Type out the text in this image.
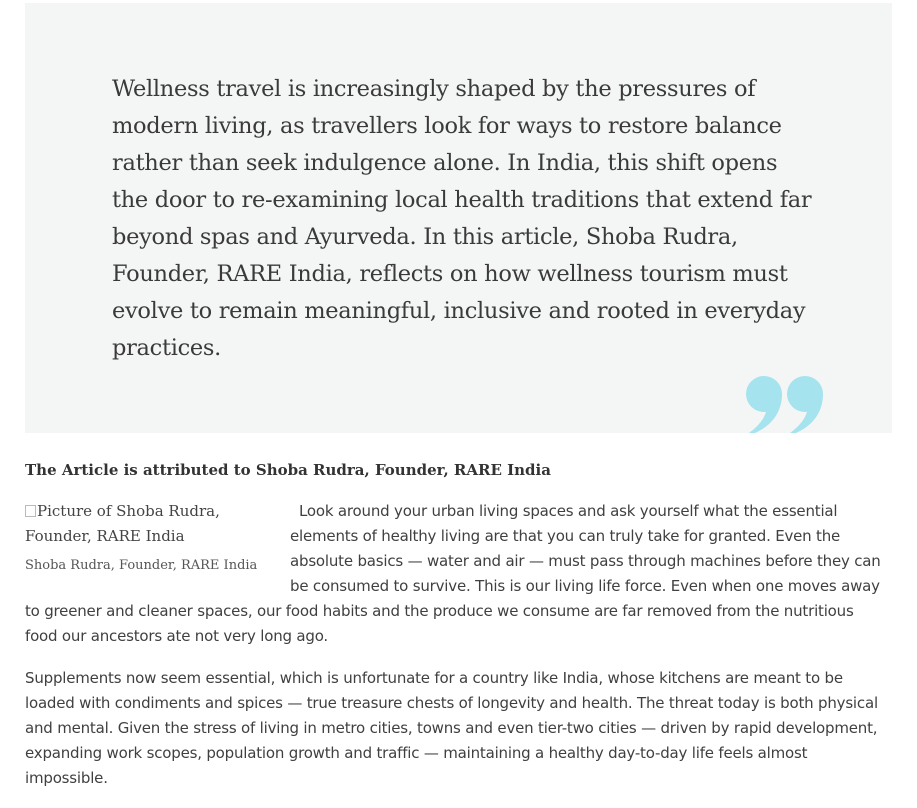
Wellness travel is increasingly shaped by the pressures of modern living, as travellers look for ways to restore balance rather than seek indulgence alone. In India, this shift opens the door to re-examining local health traditions that extend far beyond spas and Ayurveda. In this article, Shoba Rudra, Founder, RARE India, reflects on how wellness tourism must evolve to remain meaningful, inclusive and rooted in everyday practices.

The Article is attributed to Shoba Rudra, Founder, RARE India

Picture of Shoba Rudra, Founder, RARE India
Shoba Rudra, Founder, RARE India

Look around your urban living spaces and ask yourself what the essential elements of healthy living are that you can truly take for granted. Even the absolute basics — water and air — must pass through machines before they can be consumed to survive. This is our living life force. Even when one moves away to greener and cleaner spaces, our food habits and the produce we consume are far removed from the nutritious food our ancestors ate not very long ago.

Supplements now seem essential, which is unfortunate for a country like India, whose kitchens are meant to be loaded with condiments and spices — true treasure chests of longevity and health. The threat today is both physical and mental. Given the stress of living in metro cities, towns and even tier-two cities — driven by rapid development, expanding work scopes, population growth and traffic — maintaining a healthy day-to-day life feels almost impossible.
